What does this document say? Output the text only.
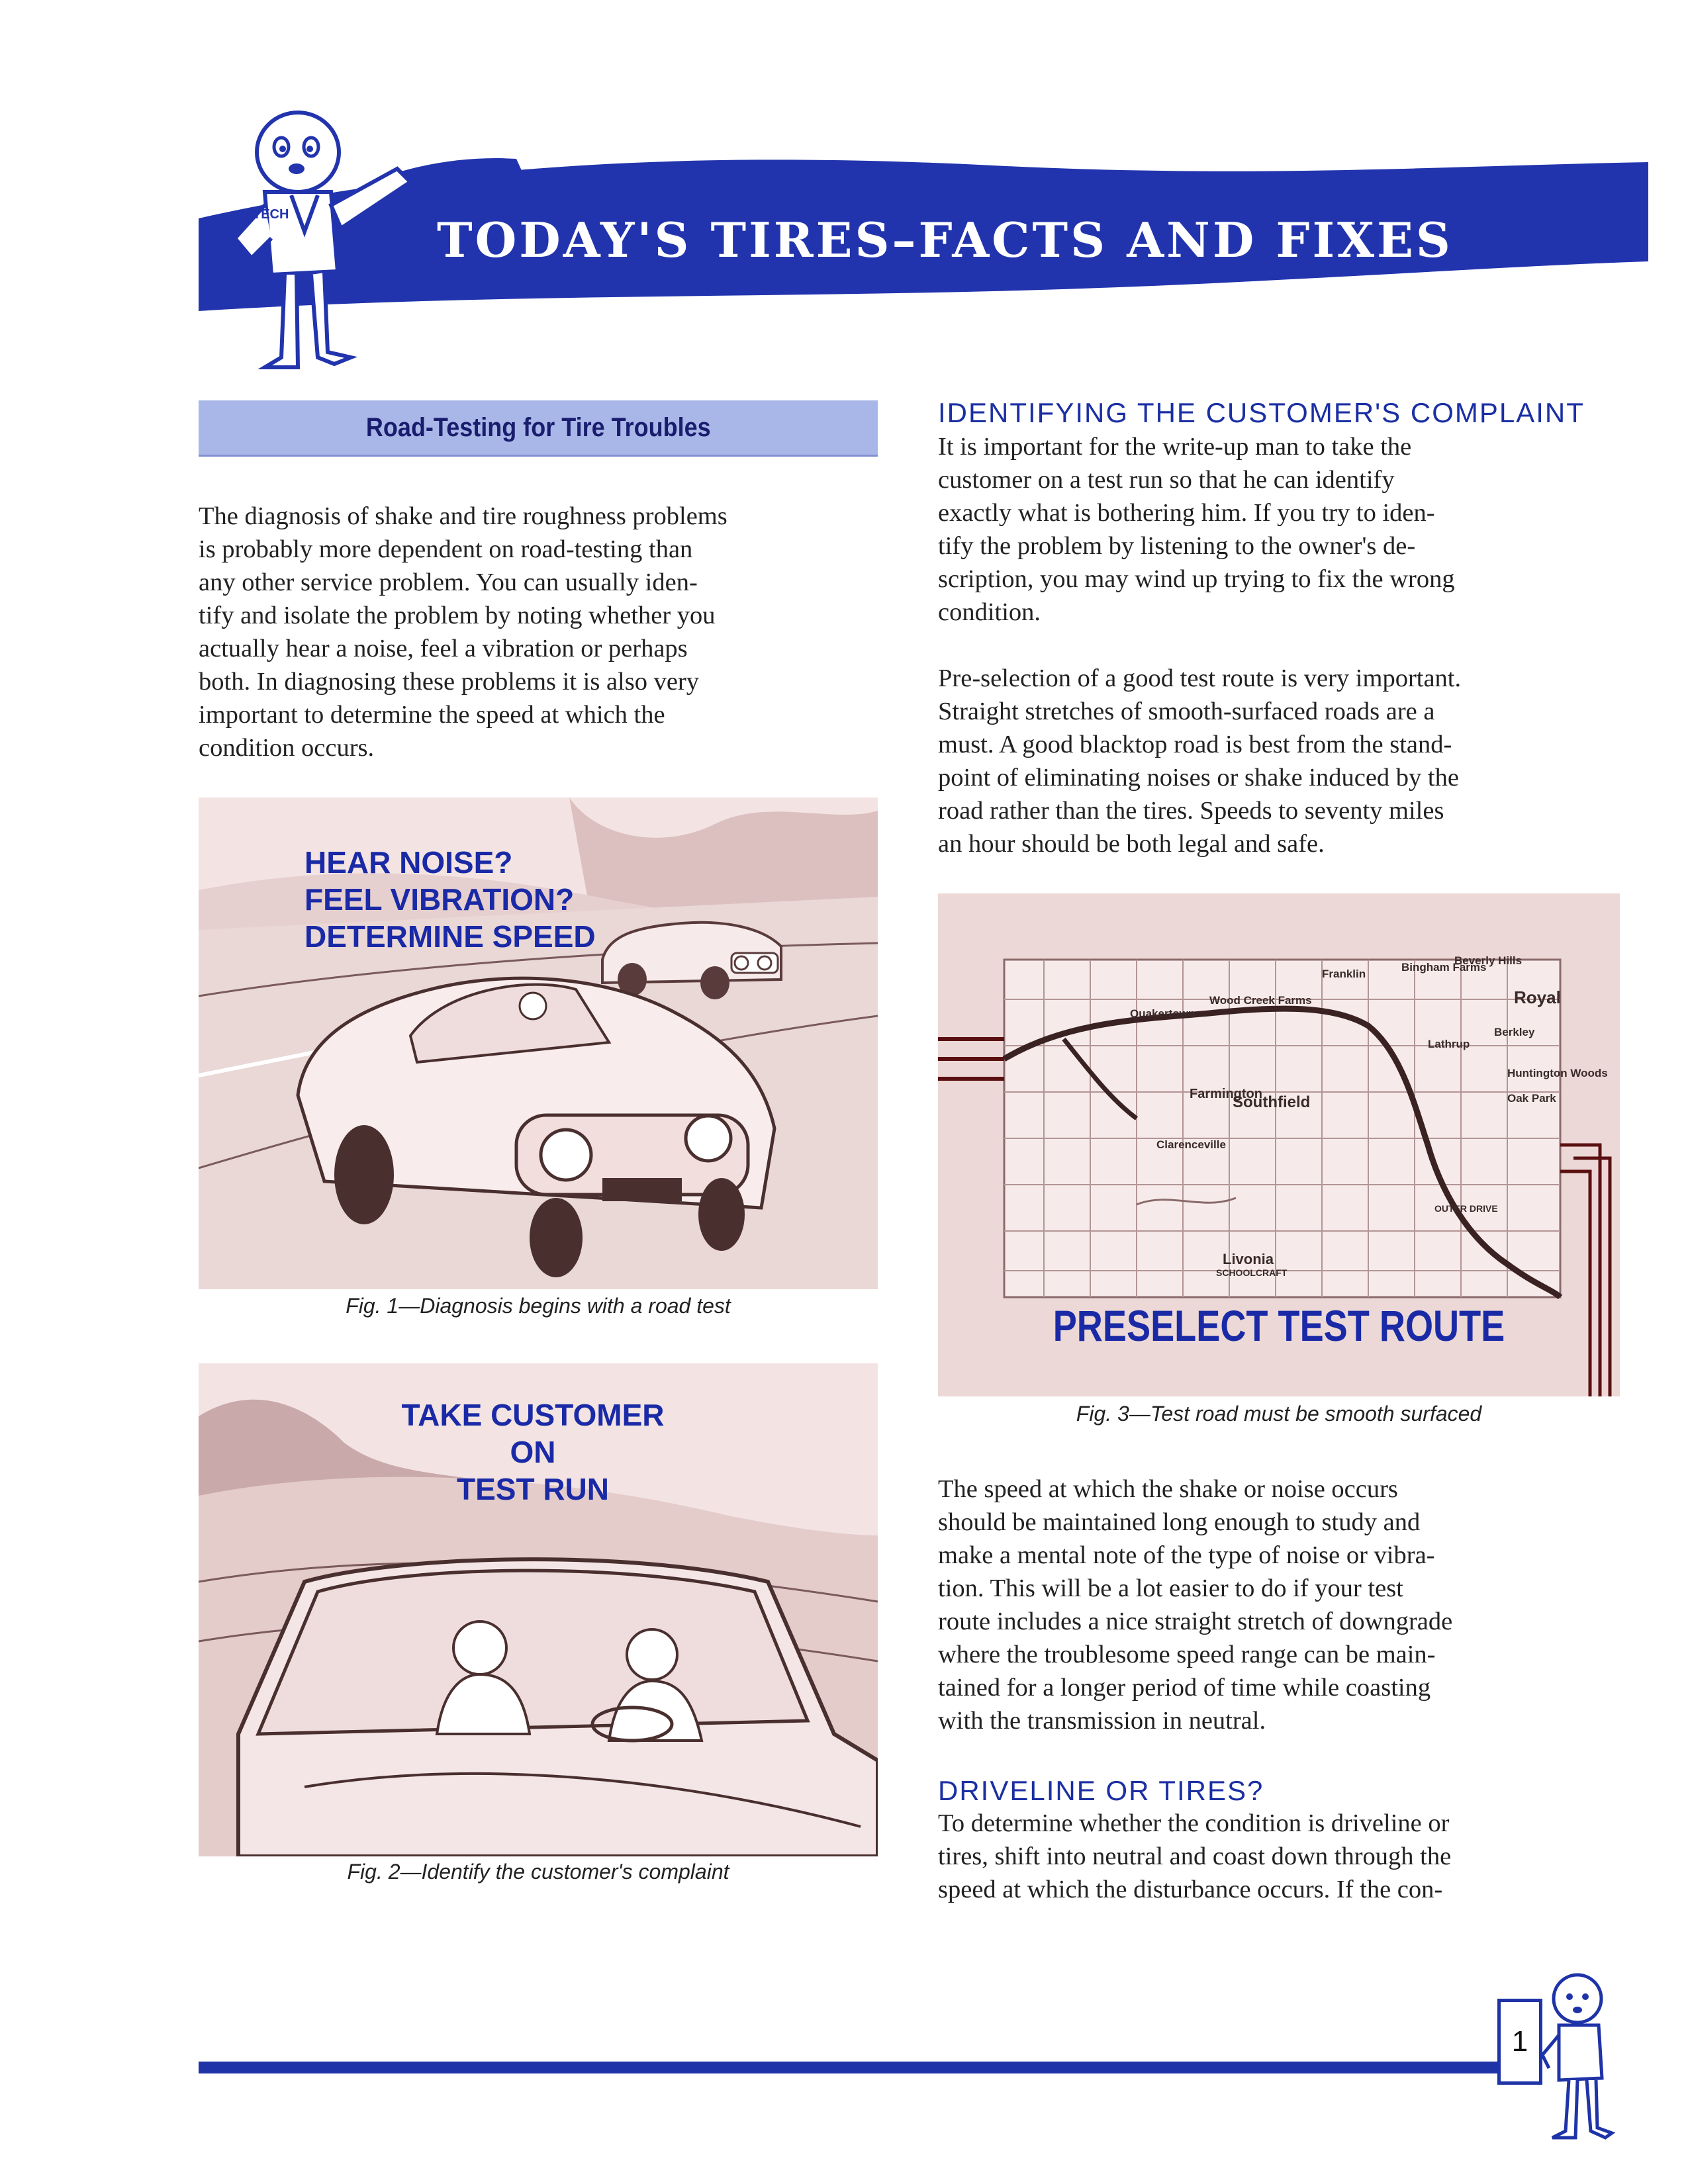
TECH	TODAY'S TIRES–FACTS AND FIXES
Road-Testing for Tire Troubles
The diagnosis of shake and tire roughness problems
is probably more dependent on road-testing than
any other service problem. You can usually iden-
tify and isolate the problem by noting whether you
actually hear a noise, feel a vibration or perhaps
both. In diagnosing these problems it is also very
important to determine the speed at which the
condition occurs.
HEAR NOISE?
FEEL VIBRATION?
DETERMINE SPEED
Fig. 1—Diagnosis begins with a road test
TAKE CUSTOMER ON
TEST RUN
Fig. 2—Identify the customer's complaint
IDENTIFYING THE CUSTOMER'S COMPLAINT
It is important for the write-up man to take the
customer on a test run so that he can identify
exactly what is bothering him. If you try to iden-
tify the problem by listening to the owner's de-
scription, you may wind up trying to fix the wrong
condition.
Pre-selection of a good test route is very important.
Straight stretches of smooth-surfaced roads are a
must. A good blacktop road is best from the stand-
point of eliminating noises or shake induced by the
road rather than the tires. Speeds to seventy miles
an hour should be both legal and safe.
Franklin
Bingham Farms
Beverly Hills
Royal
Quakertown
Wood Creek Farms
Berkley
Lathrup
Huntington Woods
Farmington
Southfield	Oak Park
Clarenceville
Livonia
SCHOOLCRAFT
OUTER DRIVE
PRESELECT TEST ROUTE
Fig. 3—Test road must be smooth surfaced
The speed at which the shake or noise occurs
should be maintained long enough to study and
make a mental note of the type of noise or vibra-
tion. This will be a lot easier to do if your test
route includes a nice straight stretch of downgrade
where the troublesome speed range can be main-
tained for a longer period of time while coasting
with the transmission in neutral.
DRIVELINE OR TIRES?
To determine whether the condition is driveline or
tires, shift into neutral and coast down through the
speed at which the disturbance occurs. If the con-
1
